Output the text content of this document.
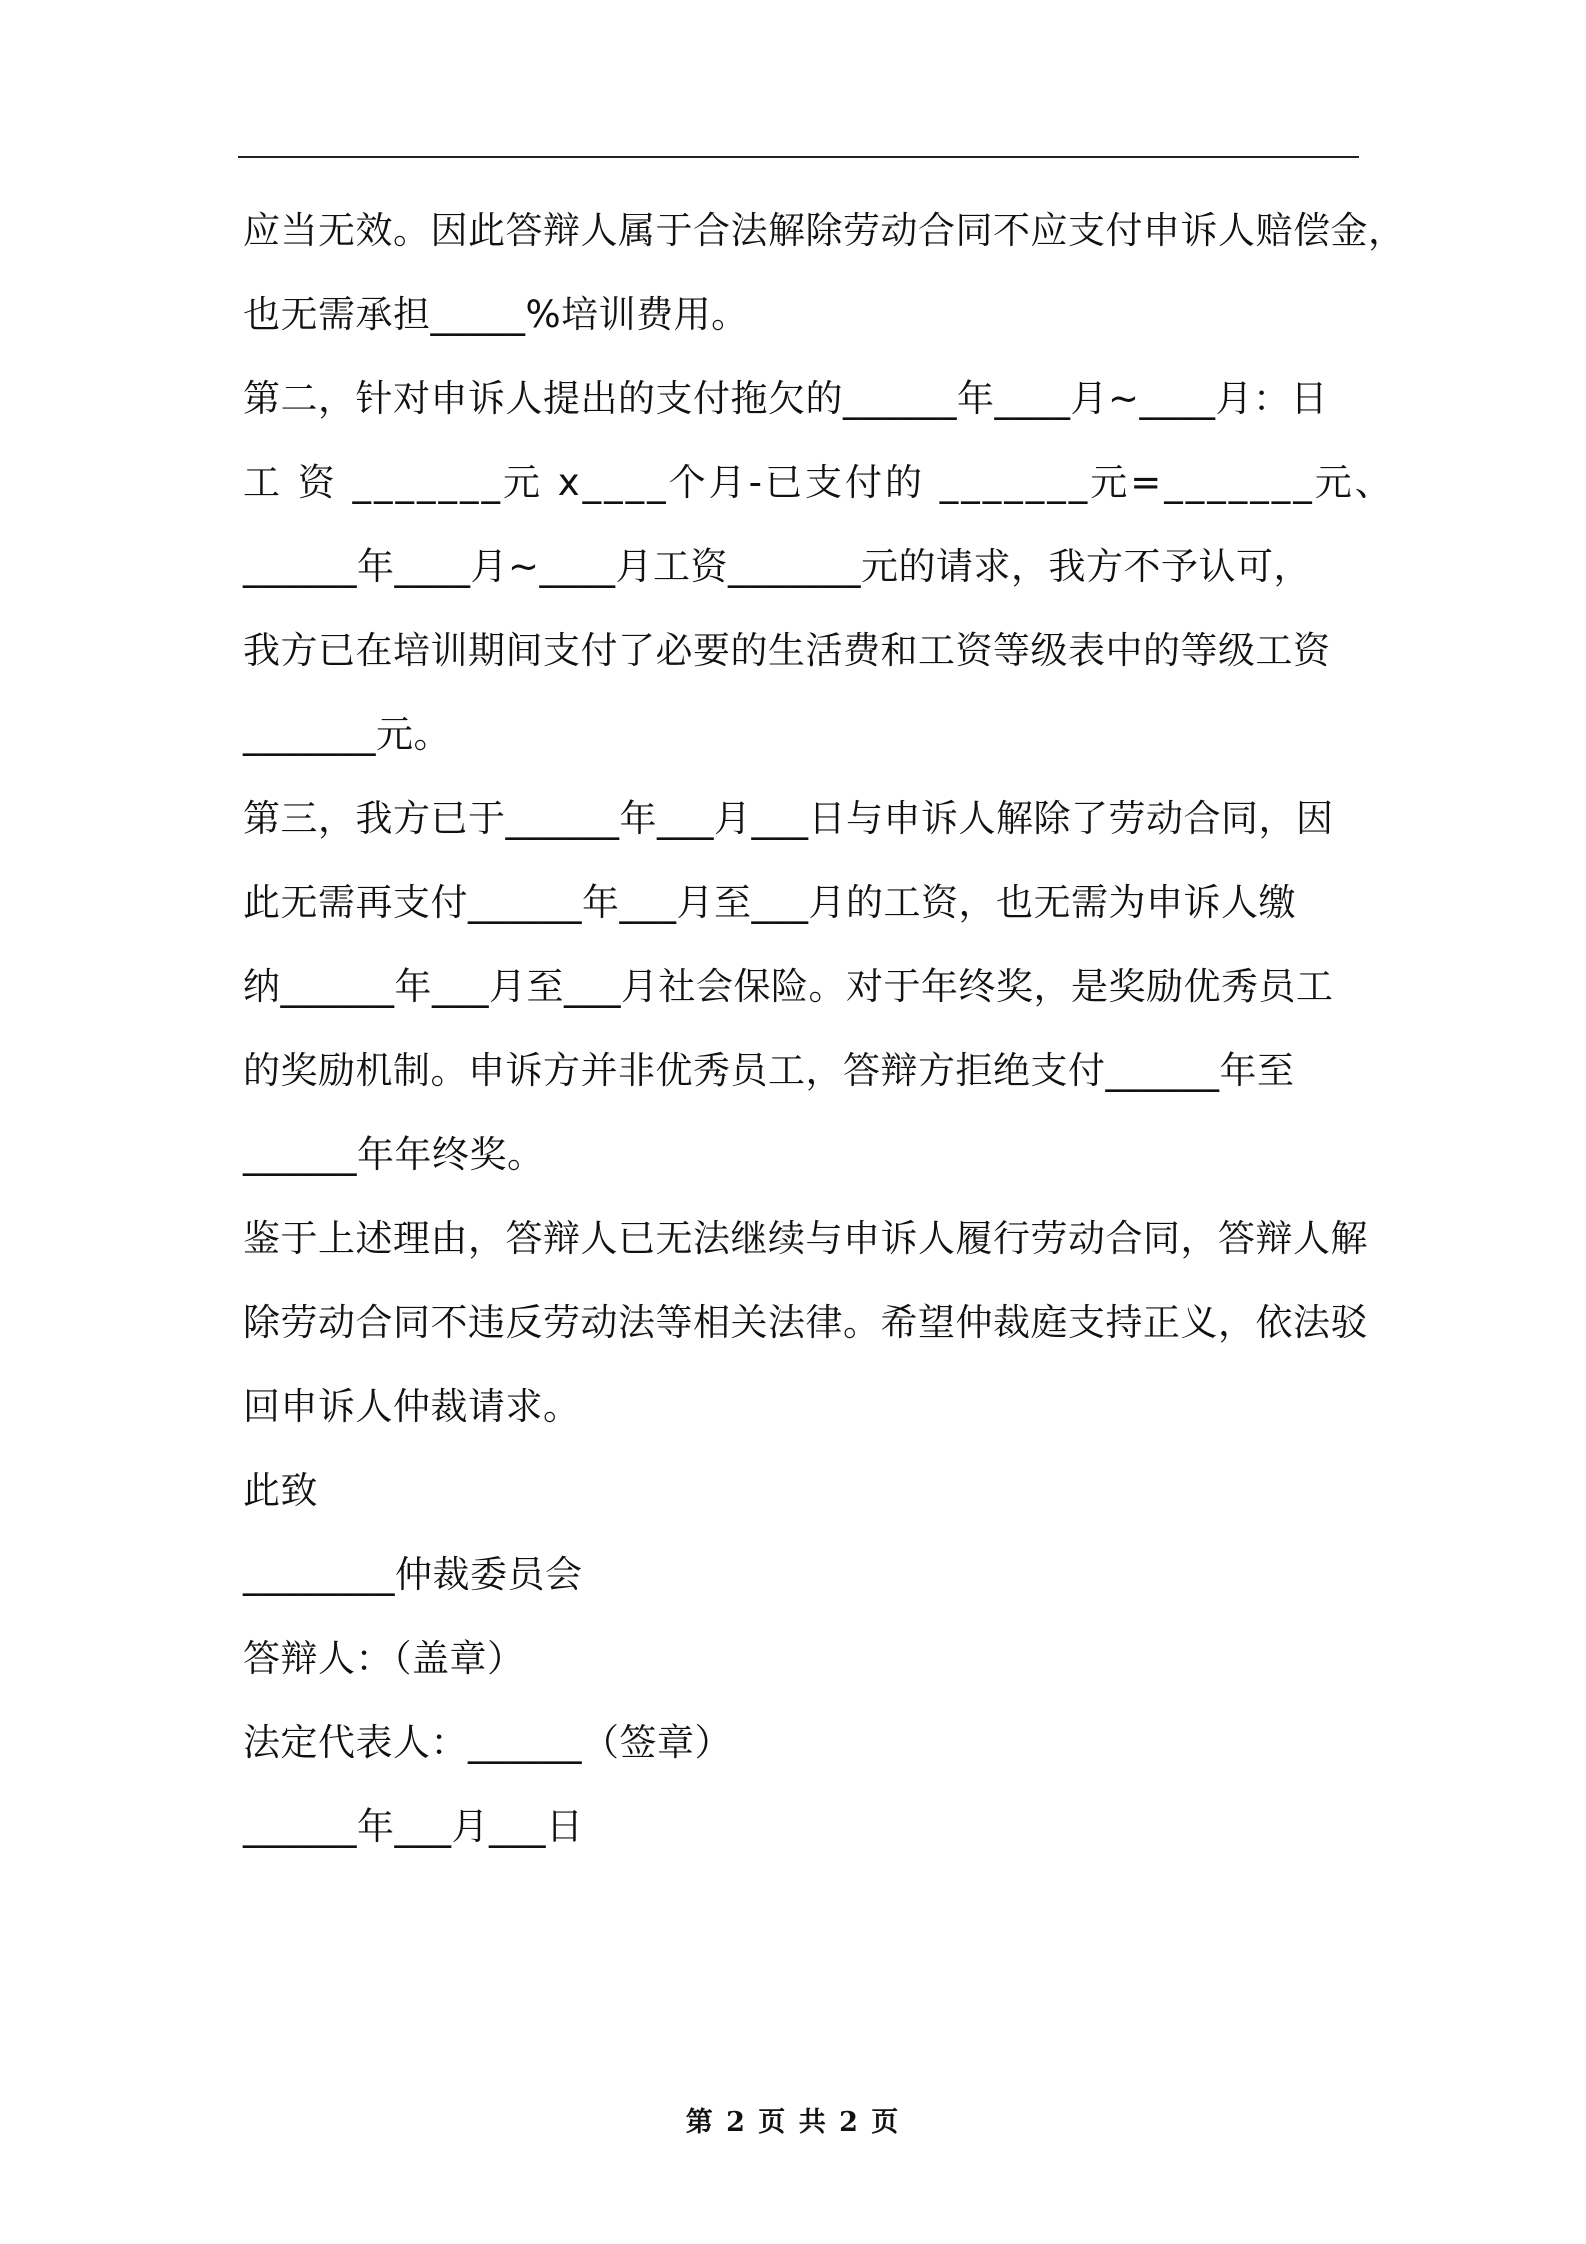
应当无效。因此答辩人属于合法解除劳动合同不应支付申诉人赔偿金，
也无需承担_____%培训费用。
第二，针对申诉人提出的支付拖欠的______年____月~____月：日
工 资 _______元 x____个月-已支付的 _______元=_______元、
______年____月~____月工资_______元的请求，我方不予认可，
我方已在培训期间支付了必要的生活费和工资等级表中的等级工资
_______元。
第三，我方已于______年___月___日与申诉人解除了劳动合同，因
此无需再支付______年___月至___月的工资，也无需为申诉人缴
纳______年___月至___月社会保险。对于年终奖，是奖励优秀员工
的奖励机制。申诉方并非优秀员工，答辩方拒绝支付______年至
______年年终奖。
鉴于上述理由，答辩人已无法继续与申诉人履行劳动合同，答辩人解
除劳动合同不违反劳动法等相关法律。希望仲裁庭支持正义，依法驳
回申诉人仲裁请求。
此致
________仲裁委员会
答辩人：（盖章）
法定代表人：______（签章）
______年___月___日
第 2 页 共 2 页
